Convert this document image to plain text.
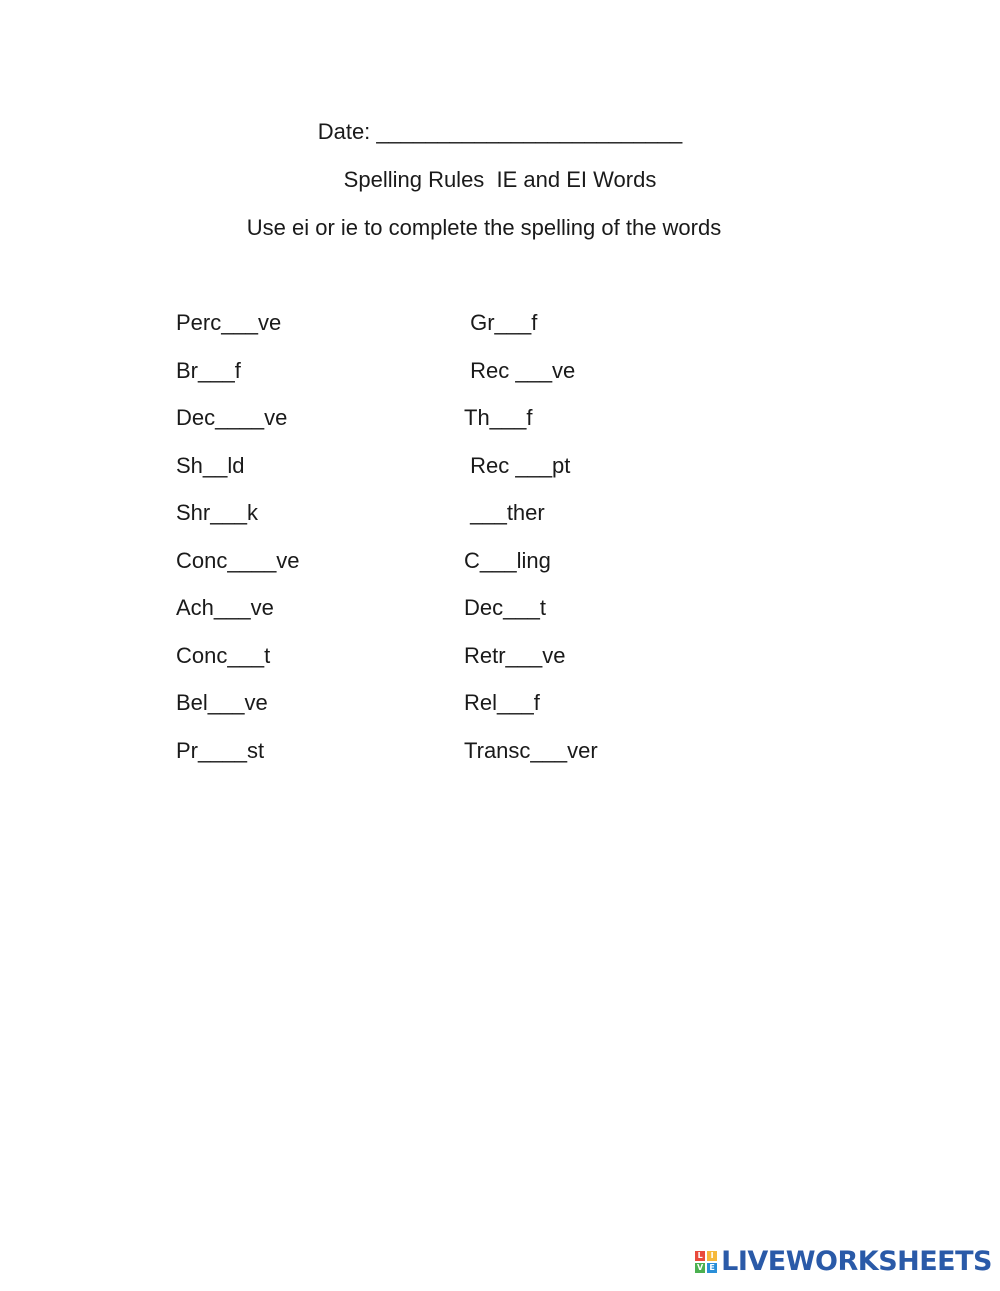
Date: _________________________
Spelling Rules  IE and EI Words
Use ei or ie to complete the spelling of the words
Perc___ve
Br___f
Dec____ve
Sh__ld
Shr___k
Conc____ve
Ach___ve
Conc___t
Bel___ve
Pr____st
Gr___f
Rec ___ve
Th___f
Rec ___pt
___ther
C___ling
Dec___t
Retr___ve
Rel___f
Transc___ver
L I
V E LIVEWORKSHEETS
